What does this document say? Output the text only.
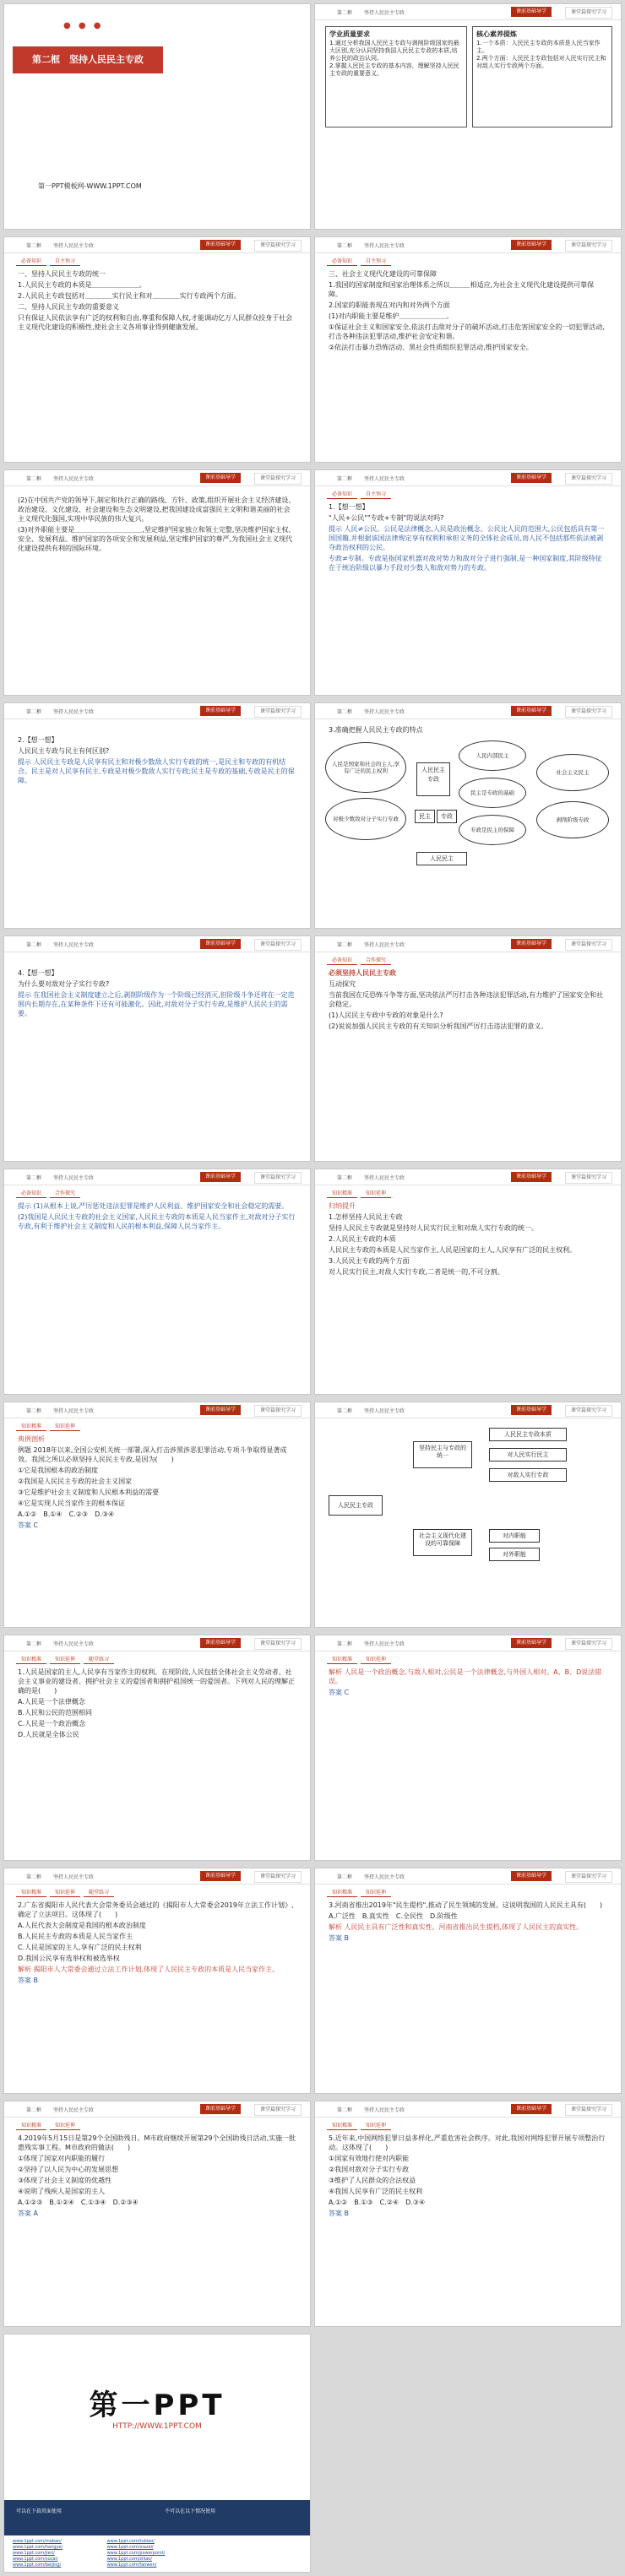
● ● ●
第二框　坚持人民民主专政
第一PPT模板网-WWW.1PPT.COM
第二框 坚持人民民主专政	课前基础导学	课堂篇探究学习
学业质量要求
1.通过分析我国人民民主专政与剥削阶级国家的最大区别,充分认同坚持我国人民民主专政的本质,培养公民的政治认同。
2.掌握人民民主专政的基本内容，理解坚持人民民主专政的重要意义。
核心素养提炼
1.一个本质：人民民主专政的本质是人民当家作主。
2.两个方面：人民民主专政包括对人民实行民主和对敌人实行专政两个方面。
第二框 坚持人民民主专政	课前基础导学	课堂篇探究学习
必备知识	自主预习

一、坚持人民民主专政的统一

1.人民民主专政的本质是＿＿＿＿＿＿＿。

2.人民民主专政包括对＿＿＿＿实行民主和对＿＿＿＿实行专政两个方面。

二、坚持人民民主专政的重要意义

只有保证人民依法享有广泛的权利和自由,尊重和保障人权,才能调动亿万人民群众投身于社会主义现代化建设的积极性,使社会主义各项事业得到健康发展。

第二框 坚持人民民主专政	课前基础导学	课堂篇探究学习
必备知识	自主预习

三、社会主义现代化建设的可靠保障

1.我国的国家制度和国家治理体系之所以＿＿＿相适应,为社会主义现代化建设提供可靠保障。

2.国家的职能表现在对内和对外两个方面

(1)对内职能主要是维护＿＿＿＿＿＿＿。

①保证社会主义和国家安全,依法打击敌对分子的破坏活动,打击危害国家安全的一切犯罪活动,打击各种违法犯罪活动,维护社会安定和谐。

②依法打击暴力恐怖活动、黑社会性质组织犯罪活动,维护国家安全。

第二框 坚持人民民主专政	课前基础导学	课堂篇探究学习

(2)在中国共产党的领导下,制定和执行正确的路线、方针、政策,组织开展社会主义经济建设、政治建设、文化建设、社会建设和生态文明建设,把我国建设成富强民主文明和谐美丽的社会主义现代化强国,实现中华民族的伟大复兴。

(3)对外职能主要是＿＿＿＿＿＿＿＿＿＿,坚定维护国家独立和领土完整,坚决维护国家主权、安全、发展利益。维护国家的各项安全和发展利益,坚定维护国家的尊严,为我国社会主义现代化建设提供有利的国际环境。

第二框 坚持人民民主专政	课前基础导学	课堂篇探究学习
必备知识	自主预习

1.【想一想】

"人民+公民""专政+专制"的说法对吗?

提示 人民≠公民。公民是法律概念,人民是政治概念。公民比人民的范围大,公民包括具有第一国国籍,并根据该国法律规定享有权利和承担义务的全体社会成员,而人民不包括那些依法被剥夺政治权利的公民。

专政≠专制。专政是指国家机器对敌对势力和敌对分子进行强制,是一种国家制度,其阶级特征在于统治阶级以暴力手段对少数人和敌对势力的专政。

第二框 坚持人民民主专政	课前基础导学	课堂篇探究学习

2.【想一想】

人民民主专政与民主有何区别?

提示 人民民主专政是人民享有民主和对极少数敌人实行专政的统一,是民主和专政的有机结合。民主是对人民享有民主,专政是对极少数敌人实行专政;民主是专政的基础,专政是民主的保障。

第二框 坚持人民民主专政	课前基础导学	课堂篇探究学习

3.准确把握人民民主专政的特点

人民是国家和社会的主人,享有广泛的民主权利
对极少数敌对分子实行专政
人民民主专政
人民内部民主
民主是专政的基础
专政是民主的保障
社会主义民主
剥削阶级专政
民主	专政
人民民主
第二框 坚持人民民主专政	课前基础导学	课堂篇探究学习

4.【想一想】

为什么要对敌对分子实行专政?

提示 在我国社会主义制度建立之后,剥削阶级作为一个阶级已经消灭,但阶级斗争还将在一定范围内长期存在,在某种条件下还有可能激化。因此,对敌对分子实行专政,是维护人民民主的需要。

第二框 坚持人民民主专政	课前基础导学	课堂篇探究学习
必备知识	合作探究

必须坚持人民民主专政

互动探究

当前我国在反恐怖斗争等方面,坚决依法严厉打击各种违法犯罪活动,有力维护了国家安全和社会稳定。

(1)人民民主专政中专政的对象是什么?

(2)说说加强人民民主专政的有关知识分析我国严厉打击违法犯罪的意义。

第二框 坚持人民民主专政	课前基础导学	课堂篇探究学习
必备知识	合作探究

提示 (1)从根本上说,严厉惩处违法犯罪是维护人民利益、维护国家安全和社会稳定的需要。

(2)我国是人民民主专政的社会主义国家,人民民主专政的本质是人民当家作主,对敌对分子实行专政,有利于维护社会主义制度和人民的根本利益,保障人民当家作主。

第二框 坚持人民民主专政	课前基础导学	课堂篇探究学习
知识精准	知识延伸

归纳提升

1.怎样坚持人民民主专政

坚持人民民主专政就是坚持对人民实行民主和对敌人实行专政的统一。

2.人民民主专政的本质

人民民主专政的本质是人民当家作主,人民是国家的主人,人民享有广泛的民主权利。

3.人民民主专政的两个方面

对人民实行民主,对敌人实行专政,二者是统一的,不可分割。

第二框 坚持人民民主专政	课前基础导学	课堂篇探究学习
知识精准	知识延伸

典例剖析

例题 2018年以来,全国公安机关统一部署,深入打击涉黑涉恶犯罪活动,专项斗争取得显著成效。我国之所以必须坚持人民民主专政,是因为(　　)

①它是我国根本的政治制度

②我国是人民民主专政的社会主义国家

③它是维护社会主义制度和人民根本利益的需要

④它是实现人民当家作主的根本保证

A.①②　B.①④　C.②③　D.③④

答案 C

第二框 坚持人民民主专政	课前基础导学	课堂篇探究学习
人民民主专政
坚持民主与专政的统一
社会主义现代化建设的可靠保障
人民民主专政本质
对人民实行民主
对敌人实行专政
对内职能
对外职能
第二框 坚持人民民主专政	课前基础导学	课堂篇探究学习
知识精准	知识延伸	随堂练习

1.人民是国家的主人,人民享有当家作主的权利。在现阶段,人民包括全体社会主义劳动者、社会主义事业的建设者、拥护社会主义的爱国者和拥护祖国统一的爱国者。下列对人民的理解正确的是(　　)

A.人民是一个法律概念

B.人民和公民的范围相同

C.人民是一个政治概念

D.人民就是全体公民

第二框 坚持人民民主专政	课前基础导学	课堂篇探究学习
知识精准	知识延伸

解析 人民是一个政治概念,与敌人相对,公民是一个法律概念,与外国人相对。A、B、D说法错误。

答案 C

第二框 坚持人民民主专政	课前基础导学	课堂篇探究学习
知识精准	知识延伸	随堂练习

2.广东省揭阳市人民代表大会常务委员会通过的《揭阳市人大常委会2019年立法工作计划》,确定了立法项目。这体现了(　　)

A.人民代表大会制度是我国的根本政治制度

B.人民民主专政的本质是人民当家作主

C.人民是国家的主人,享有广泛的民主权利

D.我国公民享有选举权和被选举权

解析 揭阳市人大常委会通过立法工作计划,体现了人民民主专政的本质是人民当家作主。

答案 B

第二框 坚持人民民主专政	课前基础导学	课堂篇探究学习
知识精准	知识延伸

3.河南省推出2019年"民生提档",推动了民生领域的发展。这说明我国的人民民主具有(　　)

A.广泛性　B.真实性　C.全民性　D.阶级性

解析 人民民主具有广泛性和真实性。河南省推出民生提档,体现了人民民主的真实性。

答案 B

第二框 坚持人民民主专政	课前基础导学	课堂篇探究学习
知识精准	知识延伸

4.2019年5月15日是第29个全国助残日。M市政府继续开展第29个全国助残日活动,实施一批惠残实事工程。M市政府的做法(　　)

①体现了国家对内职能的履行

②坚持了以人民为中心的发展思想

③体现了社会主义制度的优越性

④说明了残疾人是国家的主人

A.①②③　B.①②④　C.①③④　D.②③④

答案 A

第二框 坚持人民民主专政	课前基础导学	课堂篇探究学习
知识精准	知识延伸

5.近年来,中国网络犯罪日益多样化,严重危害社会秩序。对此,我国对网络犯罪开展专项整治行动。这体现了(　　)

①国家有效地行使对内职能

②我国对敌对分子实行专政

③维护了人民群众的合法权益

④我国人民享有广泛的民主权利

A.①②　B.①③　C.②④　D.③④

答案 B

第一PPT
HTTP://WWW.1PPT.COM
可以在下载页面使用	不可以在以下情况使用
www.1ppt.com/moban/
www.1ppt.com/hangye/
www.1ppt.com/jieri/
www.1ppt.com/sucai/
www.1ppt.com/beijing/

www.1ppt.com/tubiao/
www.1ppt.com/xiazai/
www.1ppt.com/powerpoint/
www.1ppt.com/ziliao/
www.1ppt.com/fanwen/
